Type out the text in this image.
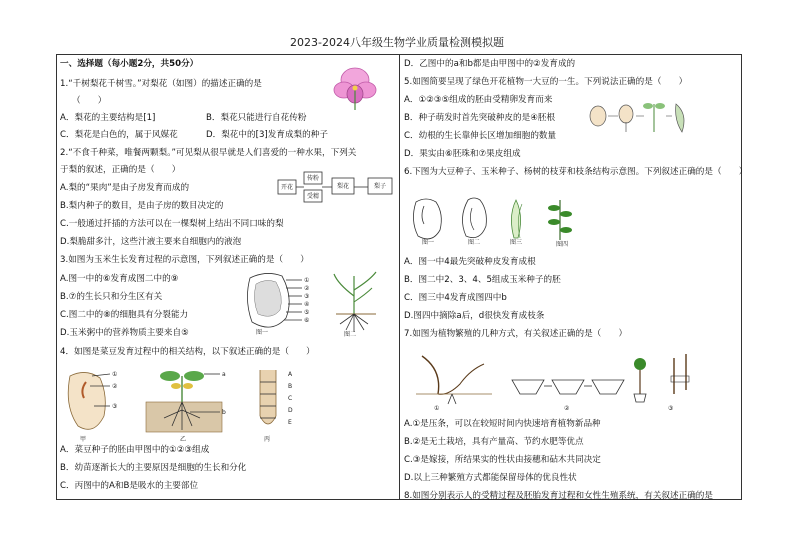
2023-2024八年级生物学业质量检测模拟题
一、选择题（每小题2分，共50分）
1.“千树梨花千树雪。”对梨花（如图）的描述正确的是
（　　）
A．梨花的主要结构是[1]	B．梨花只能进行自花传粉
C．梨花是白色的，属于风媒花	D．梨花中的[3]发育成梨的种子
2.“不食千种菜，唯餐两颗梨。”可见梨从很早就是人们喜爱的一种水果，下列关
于梨的叙述，正确的是（　　）
A.梨的“果肉”是由子房发育而成的
B.梨内种子的数目，是由子房的数目决定的
C.一般通过扦插的方法可以在一棵梨树上结出不同口味的梨
D.梨脆甜多汁，这些汁液主要来自细胞内的液泡
3.如图为玉米生长发育过程的示意图，下列叙述正确的是（　　）
A.图一中的⑥发育成图二中的⑨
B.⑦的生长只和分生区有关
C.图二中的⑧的细胞具有分裂能力
D.玉米粥中的营养物质主要来自⑤
4．如图是菜豆发育过程中的相关结构，以下叙述正确的是（　　）
A．菜豆种子的胚由甲图中的①②③组成
B．幼苗逐渐长大的主要原因是细胞的生长和分化
C．丙图中的A和B是吸水的主要部位
D．乙图中的a和b都是由甲图中的②发育成的
5.如图简要呈现了绿色开花植物一大豆的一生。下列说法正确的是（　　）
A．①②③⑤组成的胚由受精卵发育而来
B．种子萌发时首先突破种皮的是④胚根
C．幼根的生长靠伸长区增加细胞的数量
D．果实由⑥胚珠和⑦果皮组成
6.下图为大豆种子、玉米种子、杨树的枝芽和枝条结构示意图。下列叙述正确的是（　　）
A．图一中4最先突破种皮发育成根
B．图二中2、3、4、5组成玉米种子的胚
C．图三中4发育成图四中b
D.图四中摘除a后，d很快发育成枝条
7.如图为植物繁殖的几种方式，有关叙述正确的是（　　）
A.①是压条，可以在较短时间内快速培育植物新品种
B.②是无土栽培，具有产量高、节约水肥等优点
C.③是嫁接，所结果实的性状由接穗和砧木共同决定
D.以上三种繁殖方式都能保留母体的优良性状
8.如图分别表示人的受精过程及胚胎发育过程和女性生殖系统，有关叙述正确的是
开花
传粉
受精
梨花	梨子
①
②
③
④
⑤
⑥
图一	图二
①
②
③
甲
a
b
乙
A
B
C
D
E
丙
图一	图二	图三	图四
①	②	③
